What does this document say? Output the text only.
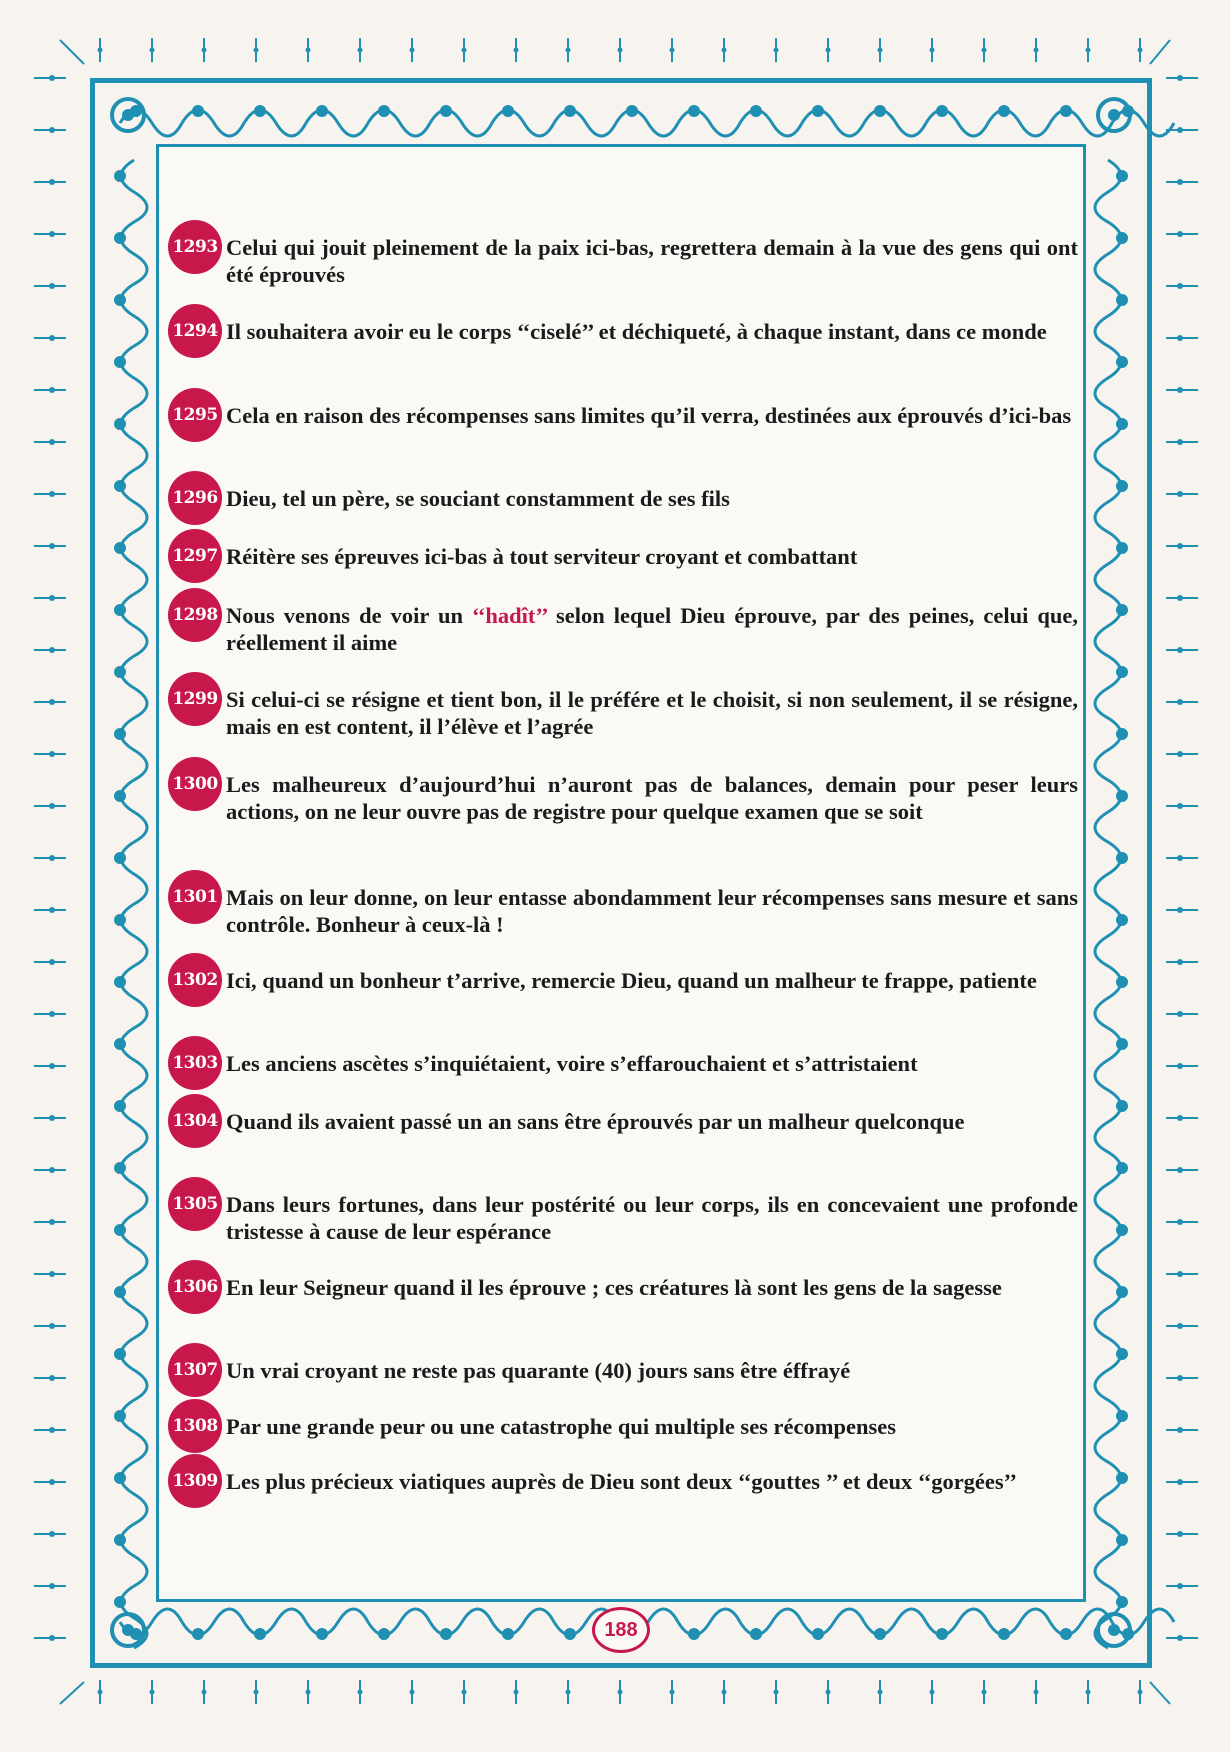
1293 Celui qui jouit pleinement de la paix ici-bas, regrettera demain à la vue des gens qui ont été éprouvés
1294 Il souhaitera avoir eu le corps ‘‘ciselé’’ et déchiqueté, à chaque instant, dans ce monde
1295 Cela en raison des récompenses sans limites qu’il verra, destinées aux éprouvés d’ici-bas
1296 Dieu, tel un père, se souciant constamment de ses fils
1297 Réitère ses épreuves ici-bas à tout serviteur croyant et combattant
1298 Nous venons de voir un ‘‘hadît’’ selon lequel Dieu éprouve, par des peines, celui que, réellement il aime
1299 Si celui-ci se résigne et tient bon, il le préfére et le choisit, si non seulement, il se résigne, mais en est content, il l’élève et l’agrée
1300 Les malheureux d’aujourd’hui n’auront pas de balances, demain pour peser leurs actions, on ne leur ouvre pas de registre pour quelque examen que se soit
1301 Mais on leur donne, on leur entasse abondamment leur récompenses sans mesure et sans contrôle. Bonheur à ceux-là !
1302 Ici, quand un bonheur t’arrive, remercie Dieu, quand un malheur te frappe, patiente
1303 Les anciens ascètes s’inquiétaient, voire s’effarouchaient et s’attristaient
1304 Quand ils avaient passé un an sans être éprouvés par un malheur quelconque
1305 Dans leurs fortunes, dans leur postérité ou leur corps, ils en concevaient une profonde tristesse à cause de leur espérance
1306 En leur Seigneur quand il les éprouve ; ces créatures là sont les gens de la sagesse
1307 Un vrai croyant ne reste pas quarante (40) jours sans être éffrayé
1308 Par une grande peur ou une catastrophe qui multiple ses récompenses
1309 Les plus précieux viatiques auprès de Dieu sont deux ‘‘gouttes ’’ et deux ‘‘gorgées’’
188
